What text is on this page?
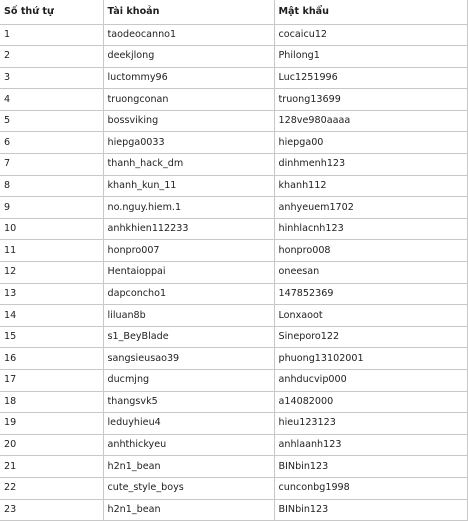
Số thứ tự	Tài khoản	Mật khẩu
1	taodeocanno1	cocaicu12
2	deekjlong	Philong1
3	luctommy96	Luc1251996
4	truongconan	truong13699
5	bossviking	128ve980aaaa
6	hiepga0033	hiepga00
7	thanh_hack_dm	dinhmenh123
8	khanh_kun_11	khanh112
9	no.nguy.hiem.1	anhyeuem1702
10	anhkhien112233	hinhlacnh123
11	honpro007	honpro008
12	Hentaioppai	oneesan
13	dapconcho1	147852369
14	liluan8b	Lonxaoot
15	s1_BeyBlade	Sineporo122
16	sangsieusao39	phuong13102001
17	ducmjng	anhducvip000
18	thangsvk5	a14082000
19	leduyhieu4	hieu123123
20	anhthickyeu	anhlaanh123
21	h2n1_bean	BINbin123
22	cute_style_boys	cunconbg1998
23	h2n1_bean	BINbin123
